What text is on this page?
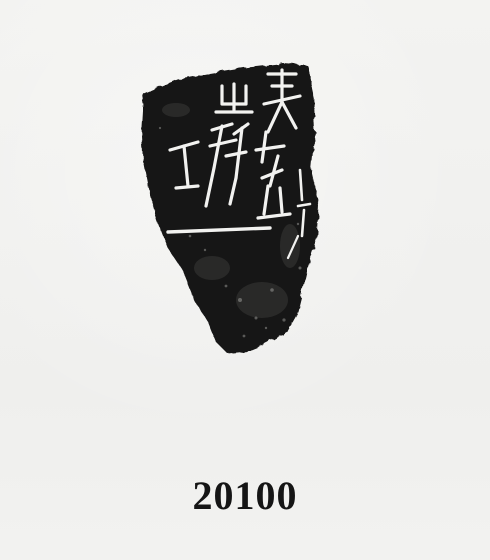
20100
